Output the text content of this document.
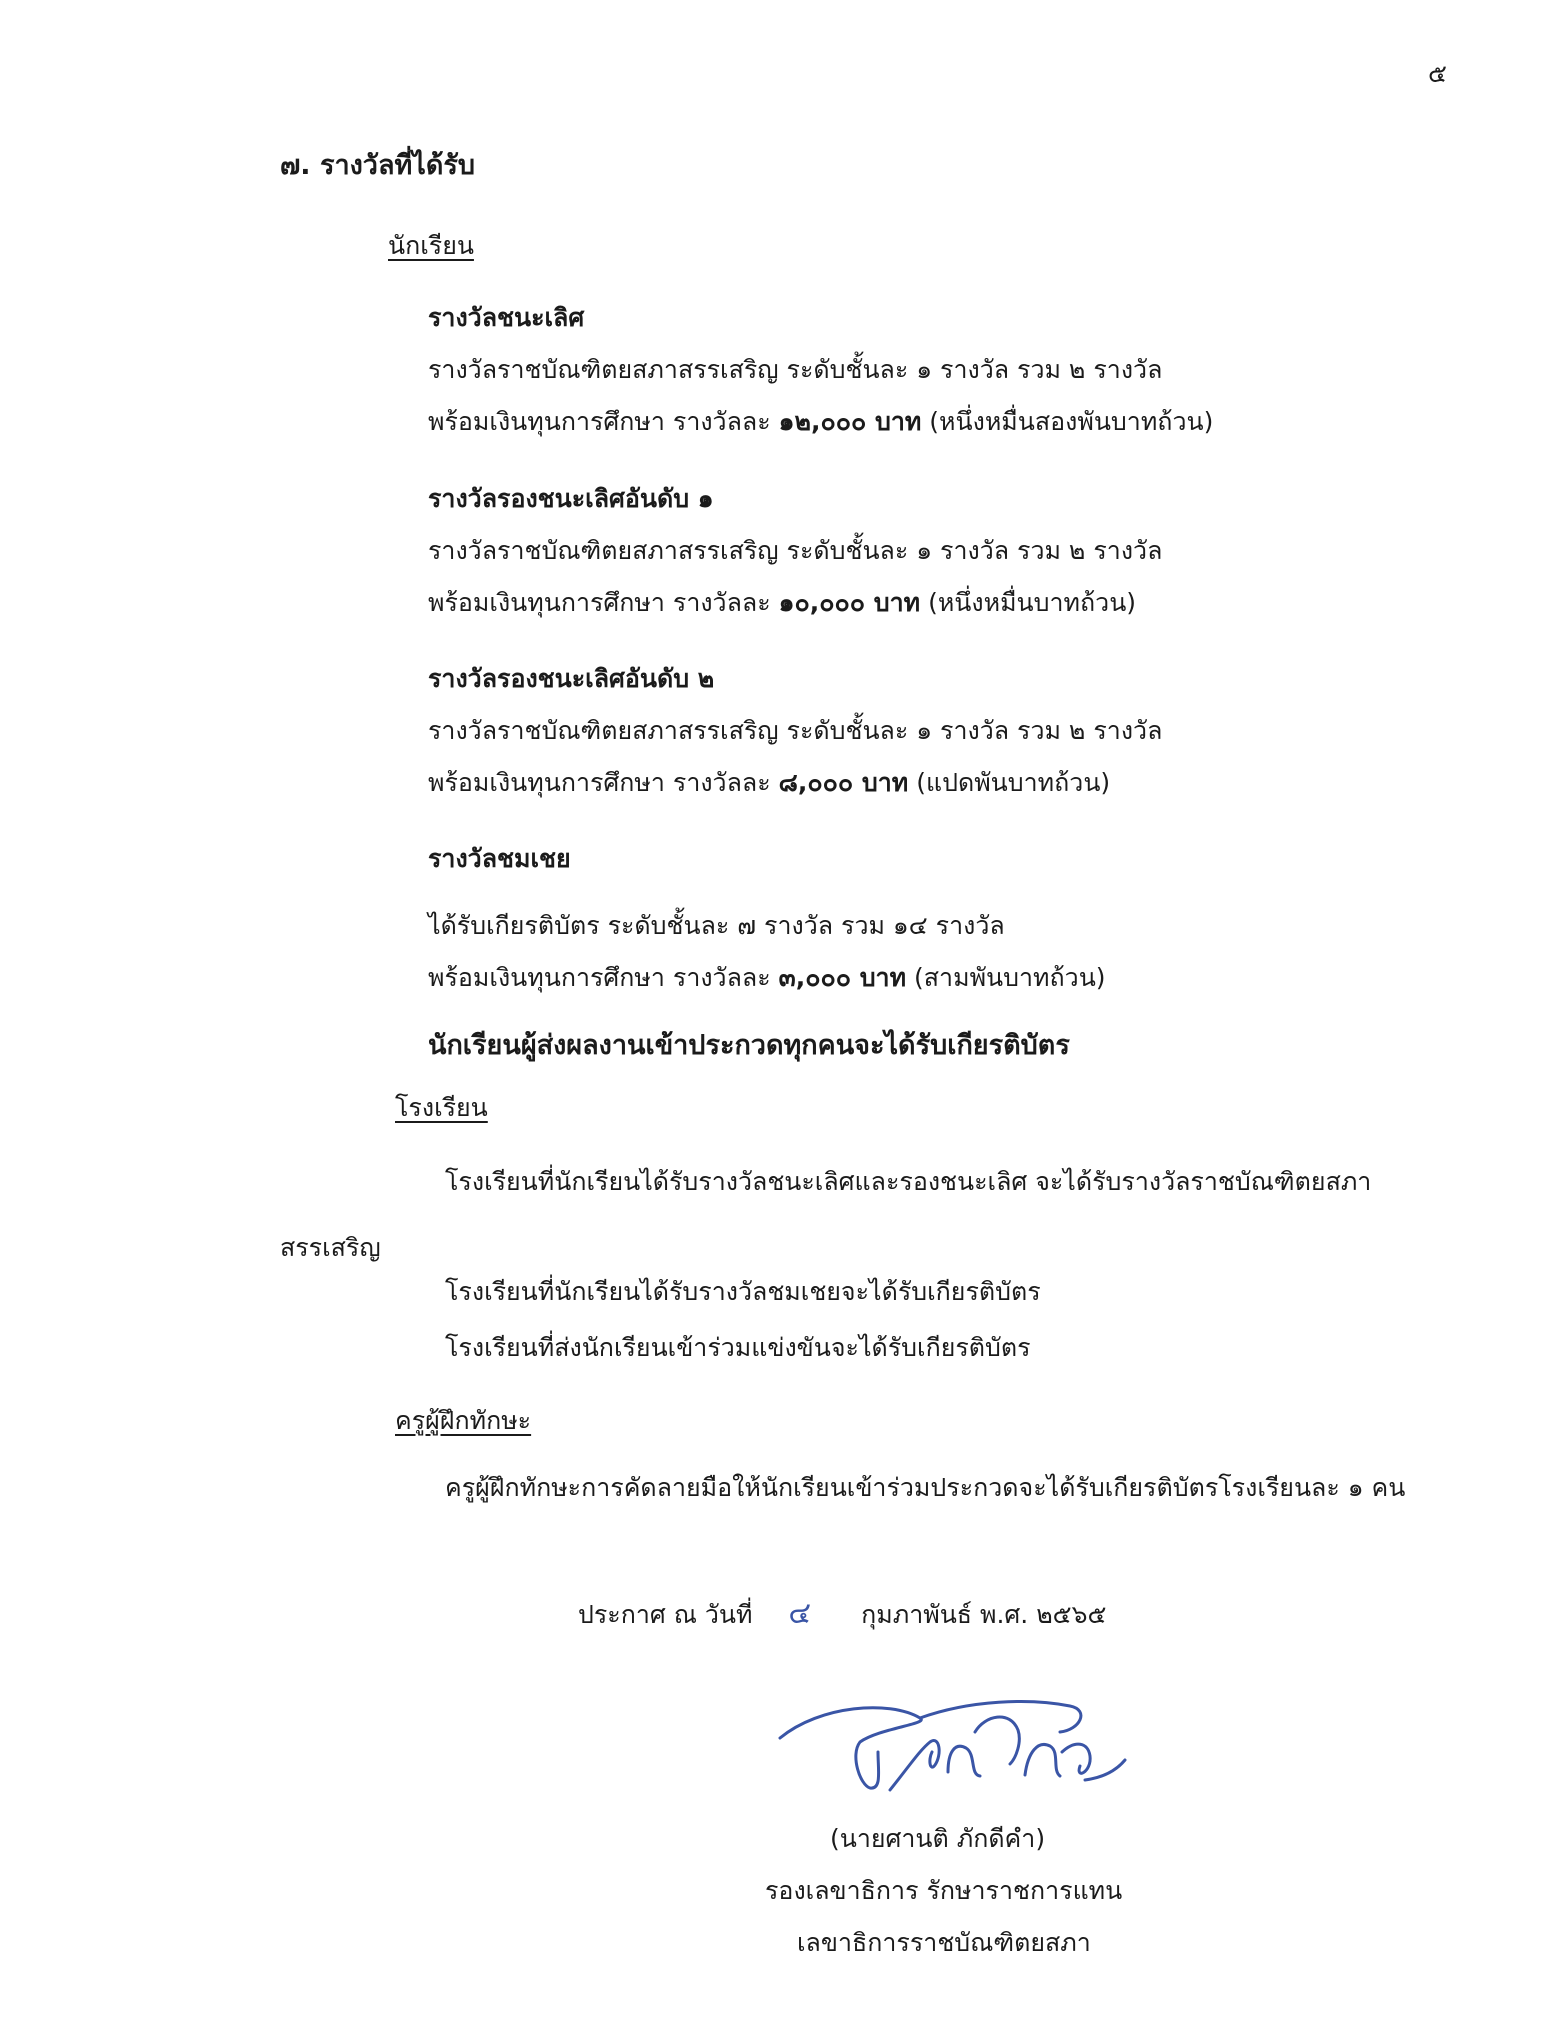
๕
๗. รางวัลที่ได้รับ
นักเรียน
รางวัลชนะเลิศ
รางวัลราชบัณฑิตยสภาสรรเสริญ ระดับชั้นละ ๑ รางวัล รวม ๒ รางวัล
พร้อมเงินทุนการศึกษา รางวัลละ ๑๒,๐๐๐ บาท (หนึ่งหมื่นสองพันบาทถ้วน)
รางวัลรองชนะเลิศอันดับ ๑
รางวัลราชบัณฑิตยสภาสรรเสริญ ระดับชั้นละ ๑ รางวัล รวม ๒ รางวัล
พร้อมเงินทุนการศึกษา รางวัลละ ๑๐,๐๐๐ บาท (หนึ่งหมื่นบาทถ้วน)
รางวัลรองชนะเลิศอันดับ ๒
รางวัลราชบัณฑิตยสภาสรรเสริญ ระดับชั้นละ ๑ รางวัล รวม ๒ รางวัล
พร้อมเงินทุนการศึกษา รางวัลละ ๘,๐๐๐ บาท (แปดพันบาทถ้วน)
รางวัลชมเชย
ได้รับเกียรติบัตร ระดับชั้นละ ๗ รางวัล รวม ๑๔ รางวัล
พร้อมเงินทุนการศึกษา รางวัลละ ๓,๐๐๐ บาท (สามพันบาทถ้วน)
นักเรียนผู้ส่งผลงานเข้าประกวดทุกคนจะได้รับเกียรติบัตร
โรงเรียน
โรงเรียนที่นักเรียนได้รับรางวัลชนะเลิศและรองชนะเลิศ จะได้รับรางวัลราชบัณฑิตยสภา
สรรเสริญ
โรงเรียนที่นักเรียนได้รับรางวัลชมเชยจะได้รับเกียรติบัตร
โรงเรียนที่ส่งนักเรียนเข้าร่วมแข่งขันจะได้รับเกียรติบัตร
ครูผู้ฝึกทักษะ
ครูผู้ฝึกทักษะการคัดลายมือให้นักเรียนเข้าร่วมประกวดจะได้รับเกียรติบัตรโรงเรียนละ ๑ คน
ประกาศ ณ วันที่ ๔ กุมภาพันธ์ พ.ศ. ๒๕๖๕
(นายศานติ ภักดีคำ)
รองเลขาธิการ รักษาราชการแทน
เลขาธิการราชบัณฑิตยสภา
